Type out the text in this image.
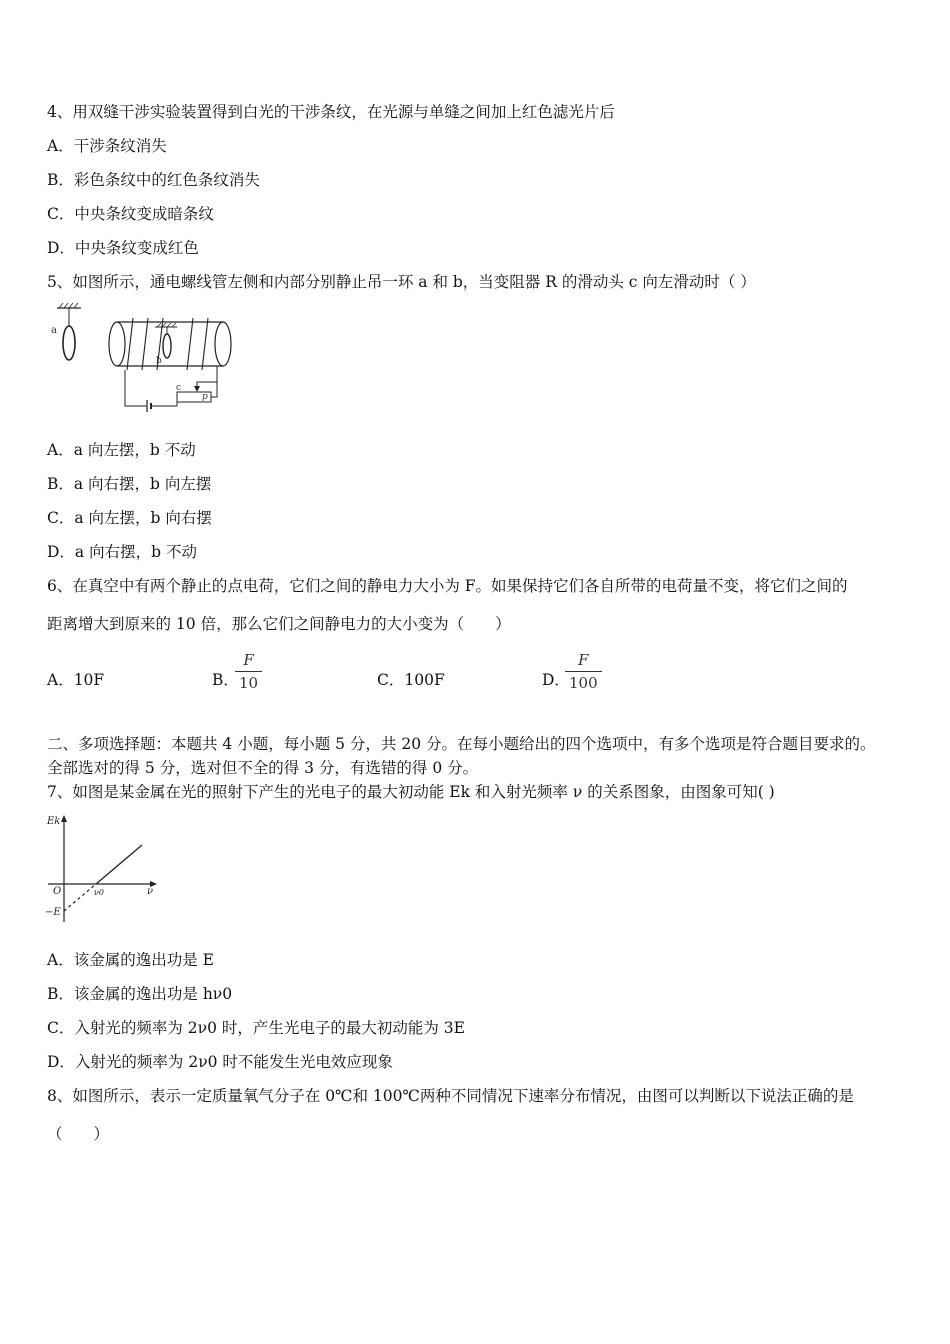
4、用双缝干涉实验装置得到白光的干涉条纹，在光源与单缝之间加上红色滤光片后
A．干涉条纹消失
B．彩色条纹中的红色条纹消失
C．中央条纹变成暗条纹
D．中央条纹变成红色
5、如图所示，通电螺线管左侧和内部分别静止吊一环 a 和 b，当变阻器 R 的滑动头 c 向左滑动时（ ）
a
b
c
p
A．a 向左摆，b 不动
B．a 向右摆，b 向左摆
C．a 向左摆，b 向右摆
D．a 向右摆，b 不动
6、在真空中有两个静止的点电荷，它们之间的静电力大小为 F。如果保持它们各自所带的电荷量不变，将它们之间的
距离增大到原来的 10 倍，那么它们之间静电力的大小变为（　　）
A．10F	B．
F
10	C．100F	D．
F
100
二、多项选择题：本题共 4 小题，每小题 5 分，共 20 分。在每小题给出的四个选项中，有多个选项是符合题目要求的。
全部选对的得 5 分，选对但不全的得 3 分，有选错的得 0 分。
7、如图是某金属在光的照射下产生的光电子的最大初动能 Ek 和入射光频率 ν 的关系图象，由图象可知( )
Ek
O	ν
ν0
−E
A．该金属的逸出功是 E
B．该金属的逸出功是 hν0
C．入射光的频率为 2ν0 时，产生光电子的最大初动能为 3E
D．入射光的频率为 2ν0 时不能发生光电效应现象
8、如图所示，表示一定质量氧气分子在 0℃和 100℃两种不同情况下速率分布情况，由图可以判断以下说法正确的是
（　　）
